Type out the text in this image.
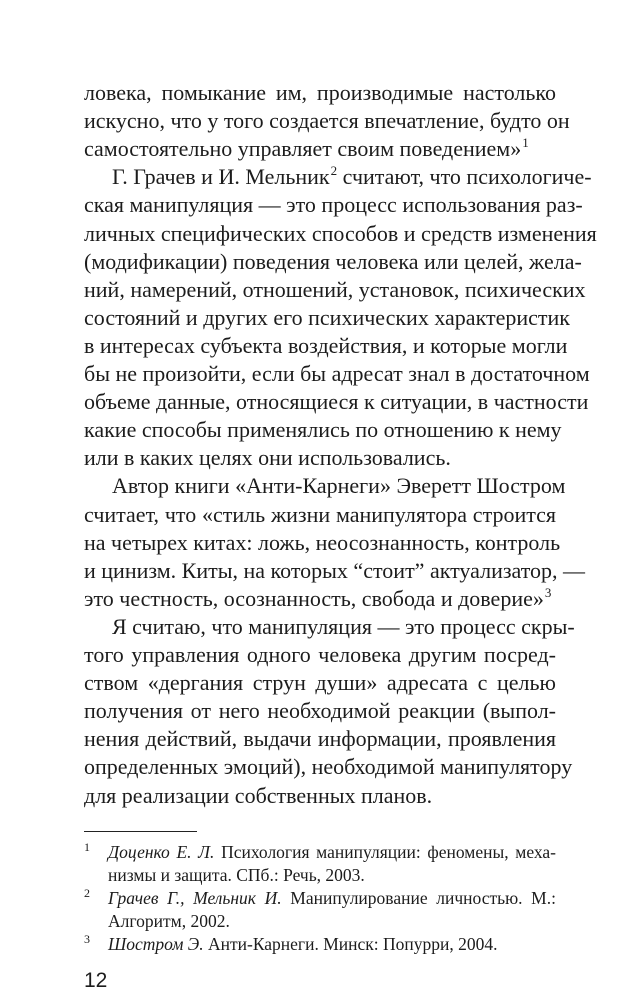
ловека, помыкание им, производимые настолько
искусно, что у того создается впечатление, будто он
самостоятельно управляет своим поведением»$^1$
Г. Грачев и И. Мельник$^2$ считают, что психологиче-
ская манипуляция — это процесс использования раз-
личных специфических способов и средств изменения
(модификации) поведения человека или целей, жела-
ний, намерений, отношений, установок, психических
состояний и других его психических характеристик
в интересах субъекта воздействия, и которые могли
бы не произойти, если бы адресат знал в достаточном
объеме данные, относящиеся к ситуации, в частности
какие способы применялись по отношению к нему
или в каких целях они использовались.
Автор книги «Анти-Карнеги» Эверетт Шостром
считает, что «стиль жизни манипулятора строится
на четырех китах: ложь, неосознанность, контроль
и цинизм. Киты, на которых “стоит” актуализатор, —
это честность, осознанность, свобода и доверие»$^3$
Я считаю, что манипуляция — это процесс скры-
того управления одного человека другим посред-
ством «дергания струн души» адресата с целью
получения от него необходимой реакции (выпол-
нения действий, выдачи информации, проявления
определенных эмоций), необходимой манипулятору
для реализации собственных планов.
1 Доценко Е. Л. Психология манипуляции: феномены, меха-
низмы и защита. СПб.: Речь, 2003.
2 Грачев Г., Мельник И. Манипулирование личностью. М.:
Алгоритм, 2002.
3 Шостром Э. Анти-Карнеги. Минск: Попурри, 2004.
12
